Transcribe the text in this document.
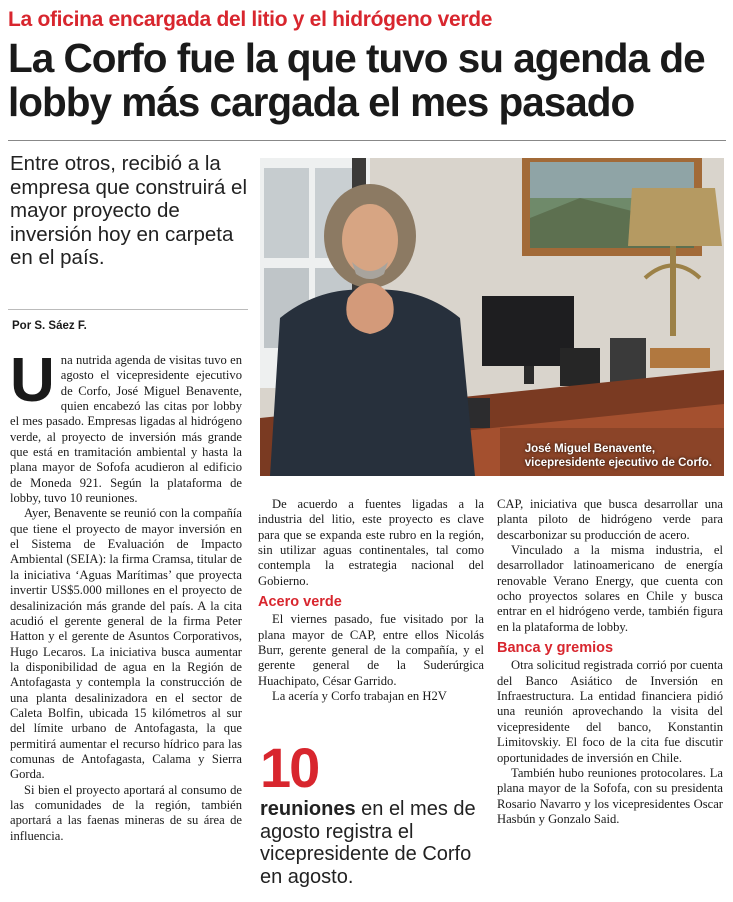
La oficina encargada del litio y el hidrógeno verde
La Corfo fue la que tuvo su agenda de lobby más cargada el mes pasado
Entre otros, recibió a la empresa que construirá el mayor proyecto de inversión hoy en carpeta en el país.
Por S. Sáez F.
José Miguel Benavente,
vicepresidente ejecutivo de Corfo.

Una nutrida agenda de visitas tuvo en agosto el vicepresidente ejecutivo de Corfo, José Miguel Benavente, quien encabezó las citas por lobby el mes pasado. Empresas ligadas al hidrógeno verde, al proyecto de inversión más grande que está en tramitación ambiental y hasta la plana mayor de Sofofa acudieron al edificio de Moneda 921. Según la plataforma de lobby, tuvo 10 reuniones.

Ayer, Benavente se reunió con la compañía que tiene el proyecto de mayor inversión en el Sistema de Evaluación de Impacto Ambiental (SEIA): la firma Cramsa, titular de la iniciativa ‘Aguas Marítimas’ que proyecta invertir US$5.000 millones en el proyecto de desalinización más grande del país. A la cita acudió el gerente general de la firma Peter Hatton y el gerente de Asuntos Corporativos, Hugo Lecaros. La iniciativa busca aumentar la disponibilidad de agua en la Región de Antofagasta y contempla la construcción de una planta desalinizadora en el sector de Caleta Bolfin, ubicada 15 kilómetros al sur del límite urbano de Antofagasta, la que permitirá aumentar el recurso hídrico para las comunas de Antofagasta, Calama y Sierra Gorda.

Si bien el proyecto aportará al consumo de las comunidades de la región, también aportará a las faenas mineras de su área de influencia.

De acuerdo a fuentes ligadas a la industria del litio, este proyecto es clave para que se expanda este rubro en la región, sin utilizar aguas continentales, tal como contempla la estrategia nacional del Gobierno.

Acero verde

El viernes pasado, fue visitado por la plana mayor de CAP, entre ellos Nicolás Burr, gerente general de la compañía, y el gerente general de la Suderúrgica Huachipato, César Garrido.

La acería y Corfo trabajan en H2V

10
reuniones en el mes de agosto registra el vicepresidente de Corfo en agosto.

CAP, iniciativa que busca desarrollar una planta piloto de hidrógeno verde para descarbonizar su producción de acero.

Vinculado a la misma industria, el desarrollador latinoamericano de energía renovable Verano Energy, que cuenta con ocho proyectos solares en Chile y busca entrar en el hidrógeno verde, también figura en la plataforma de lobby.

Banca y gremios

Otra solicitud registrada corrió por cuenta del Banco Asiático de Inversión en Infraestructura. La entidad financiera pidió una reunión aprovechando la visita del vicepresidente del banco, Konstantin Limitovskiy. El foco de la cita fue discutir oportunidades de inversión en Chile.

También hubo reuniones protocolares. La plana mayor de la Sofofa, con su presidenta Rosario Navarro y los vicepresidentes Oscar Hasbún y Gonzalo Said.
